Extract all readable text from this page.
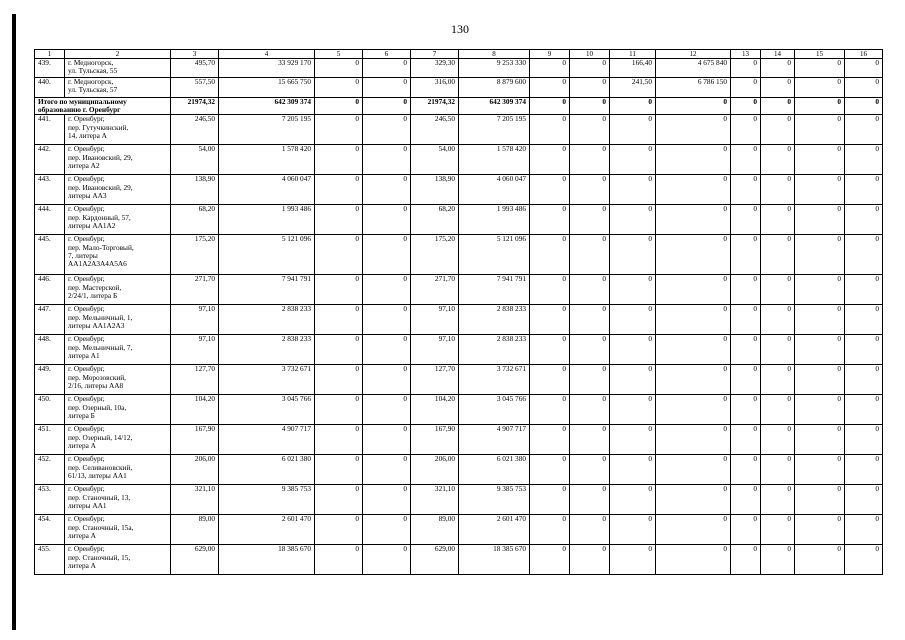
130
1	2	3	4	5	6	7	8	9	10	11	12	13	14	15	16
439.	г. Медногорск,
ул. Тульская, 55	495,70	33 929 170	0	0	329,30	9 253 330	0	0	166,40	4 675 840	0	0	0	0
440.	г. Медногорск,
ул. Тульская, 57	557,50	15 665 750	0	0	316,00	8 879 600	0	0	241,50	6 786 150	0	0	0	0
Итого по муниципальному образованию г. Оренбург		21974,32	642 309 374	0	0	21974,32	642 309 374	0	0	0	0	0	0	0	0
441.	г. Оренбург,
пер. Гутучкинский,
14, литера А	246,50	7 205 195	0	0	246,50	7 205 195	0	0	0	0	0	0	0	0
442.	г. Оренбург,
пер. Ивановский, 29,
литера А2	54,00	1 578 420	0	0	54,00	1 578 420	0	0	0	0	0	0	0	0
443.	г. Оренбург,
пер. Ивановский, 29,
литеры АА3	138,90	4 060 047	0	0	138,90	4 060 047	0	0	0	0	0	0	0	0
444.	г. Оренбург,
пер. Кардонный, 57,
литеры АА1А2	68,20	1 993 486	0	0	68,20	1 993 486	0	0	0	0	0	0	0	0
445.	г. Оренбург,
пер. Мало-Торговый,
7, литеры
АА1А2А3А4А5А6	175,20	5 121 096	0	0	175,20	5 121 096	0	0	0	0	0	0	0	0
446.	г. Оренбург,
пер. Мастерской,
2/24/1, литера Б	271,70	7 941 791	0	0	271,70	7 941 791	0	0	0	0	0	0	0	0
447.	г. Оренбург,
пер. Мельничный, 1,
литеры АА1А2А3	97,10	2 838 233	0	0	97,10	2 838 233	0	0	0	0	0	0	0	0
448.	г. Оренбург,
пер. Мельничный, 7,
литера А1	97,10	2 838 233	0	0	97,10	2 838 233	0	0	0	0	0	0	0	0
449.	г. Оренбург,
пер. Морозовский,
2/16, литеры АА8	127,70	3 732 671	0	0	127,70	3 732 671	0	0	0	0	0	0	0	0
450.	г. Оренбург,
пер. Озерный, 10а,
литера Б	104,20	3 045 766	0	0	104,20	3 045 766	0	0	0	0	0	0	0	0
451.	г. Оренбург,
пер. Озерный, 14/12,
литера А	167,90	4 907 717	0	0	167,90	4 907 717	0	0	0	0	0	0	0	0
452.	г. Оренбург,
пер. Селивановский,
61/13, литеры АА1	206,00	6 021 380	0	0	206,00	6 021 380	0	0	0	0	0	0	0	0
453.	г. Оренбург,
пер. Станочный, 13,
литеры АА1	321,10	9 385 753	0	0	321,10	9 385 753	0	0	0	0	0	0	0	0
454.	г. Оренбург,
пер. Станочный, 15а,
литера А	89,00	2 601 470	0	0	89,00	2 601 470	0	0	0	0	0	0	0	0
455.	г. Оренбург,
пер. Станочный, 15,
литера А	629,00	18 385 670	0	0	629,00	18 385 670	0	0	0	0	0	0	0	0
